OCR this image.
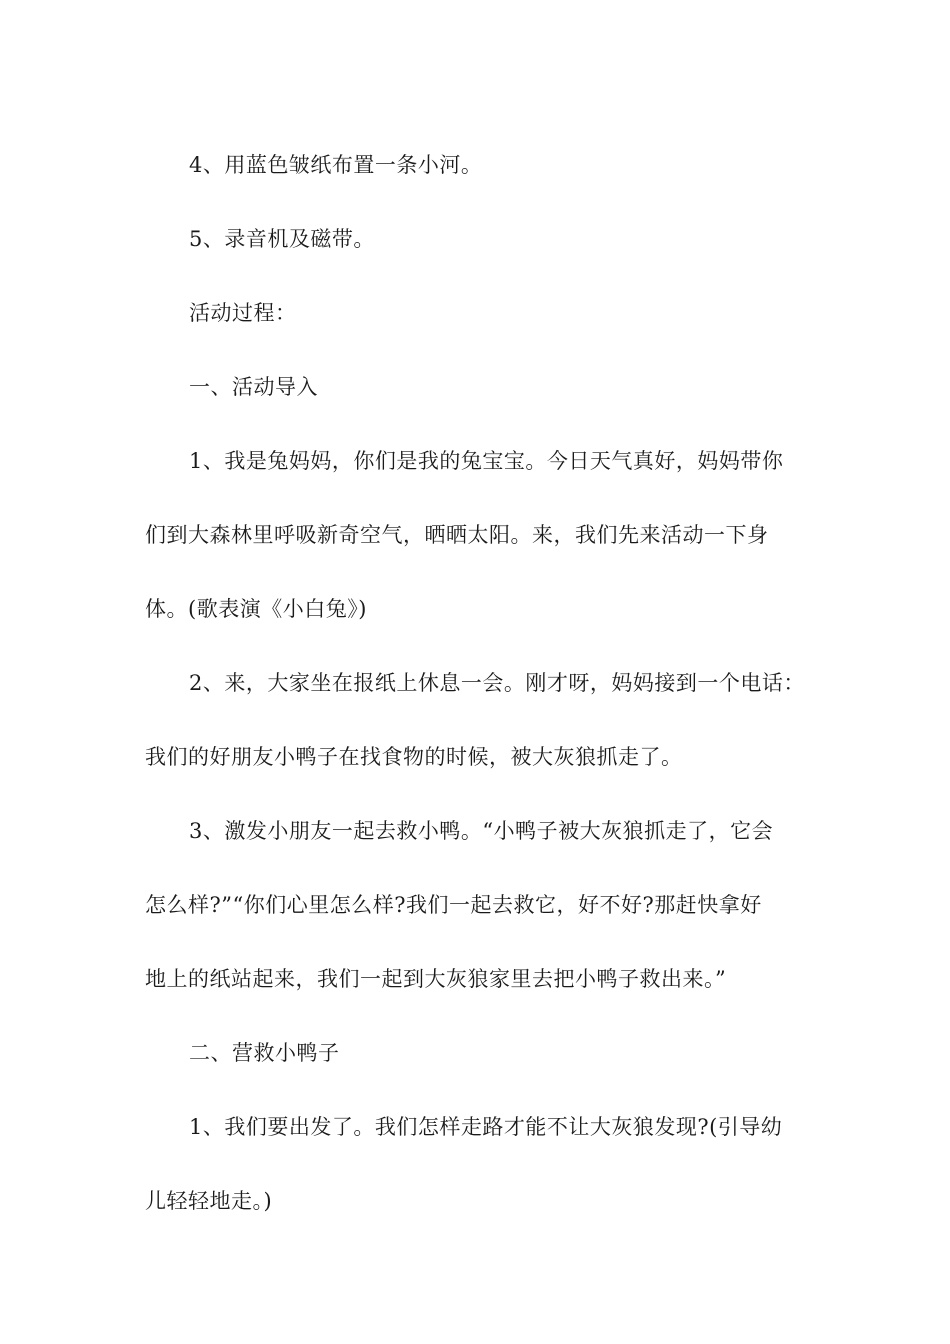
4、用蓝色皱纸布置一条小河。

5、录音机及磁带。

活动过程：

一、活动导入

1、我是兔妈妈，你们是我的兔宝宝。今日天气真好，妈妈带你

们到大森林里呼吸新奇空气，晒晒太阳。来，我们先来活动一下身

体。(歌表演《小白兔》)

2、来，大家坐在报纸上休息一会。刚才呀，妈妈接到一个电话：

我们的好朋友小鸭子在找食物的时候，被大灰狼抓走了。

3、激发小朋友一起去救小鸭。“小鸭子被大灰狼抓走了，它会

怎么样?”“你们心里怎么样?我们一起去救它，好不好?那赶快拿好

地上的纸站起来，我们一起到大灰狼家里去把小鸭子救出来。”

二、营救小鸭子

1、我们要出发了。我们怎样走路才能不让大灰狼发现?(引导幼

儿轻轻地走。)
